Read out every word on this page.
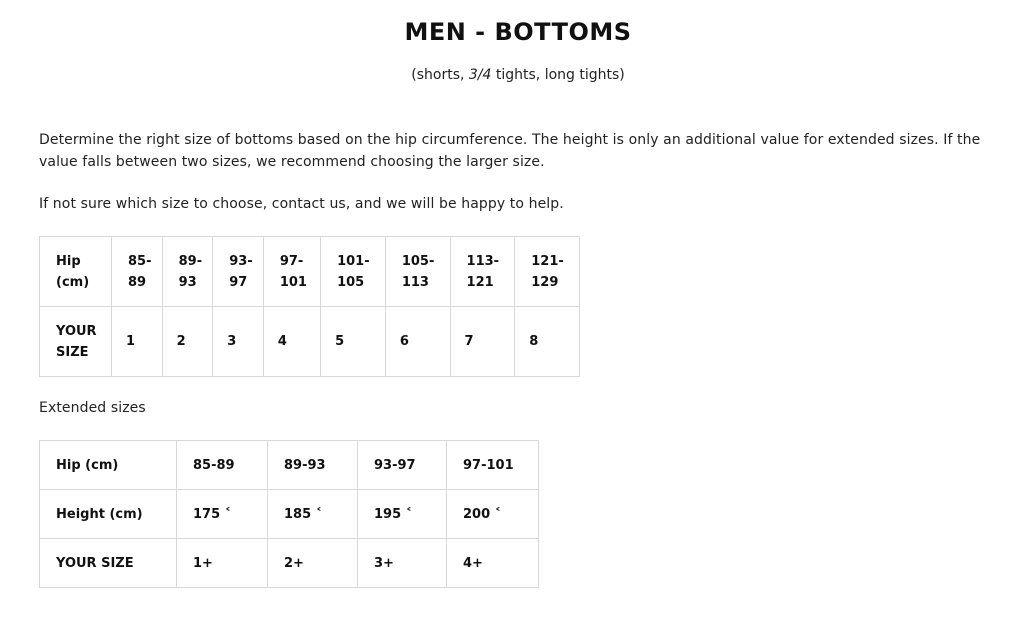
MEN - BOTTOMS
(shorts, 3/4 tights, long tights)

Determine the right size of bottoms based on the hip circumference. The height is only an additional value for extended sizes. If the value falls between two sizes, we recommend choosing the larger size.

If not sure which size to choose, contact us, and we will be happy to help.

Hip (cm)	85-89	89-93	93-97	97-101	101-105	105-113	113-121	121-129
YOUR SIZE	1	2	3	4	5	6	7	8

Extended sizes

Hip (cm)	85-89	89-93	93-97	97-101
Height (cm)	175 ˂	185 ˂	195 ˂	200 ˂
YOUR SIZE	1+	2+	3+	4+
